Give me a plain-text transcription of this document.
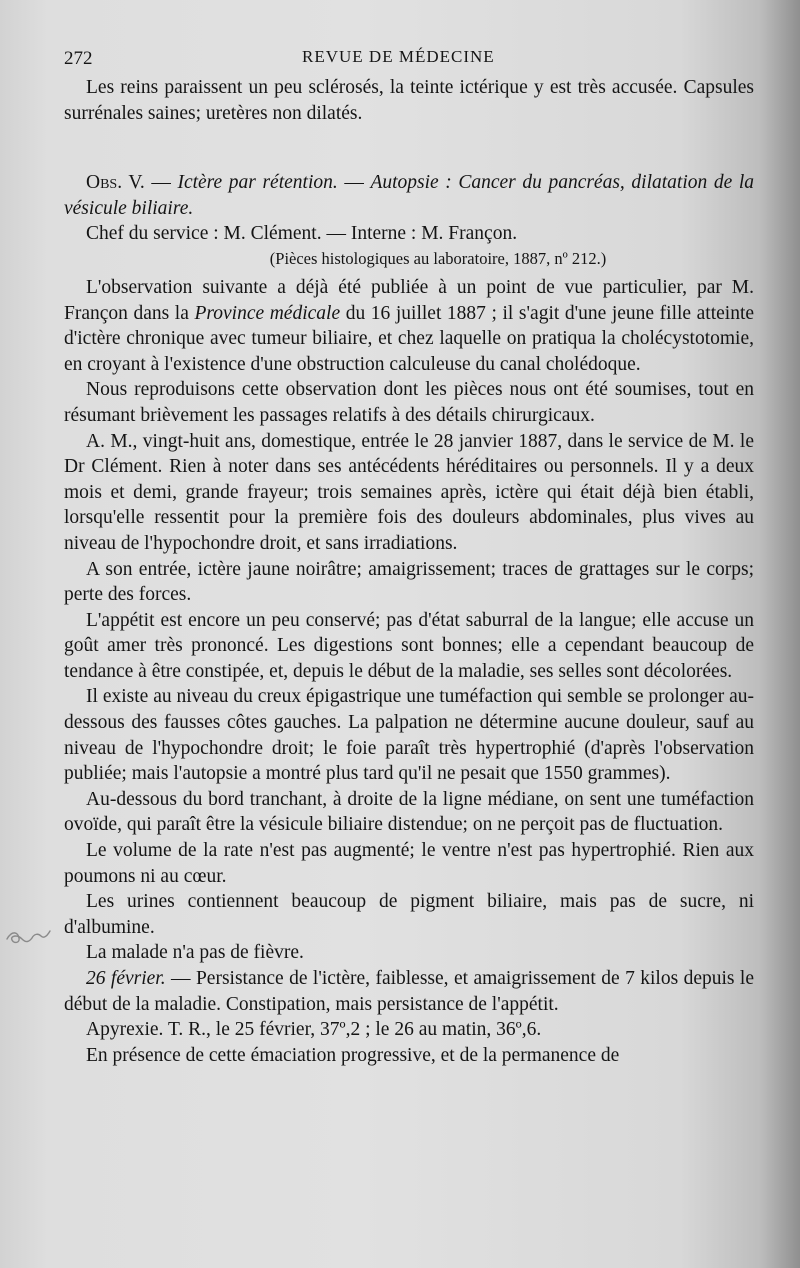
272	REVUE DE MÉDECINE

Les reins paraissent un peu sclérosés, la teinte ictérique y est très accusée. Capsules surrénales saines; uretères non dilatés.

Obs. V. — Ictère par rétention. — Autopsie : Cancer du pancréas, dilatation de la vésicule biliaire.

Chef du service : M. Clément. — Interne : M. Françon.

(Pièces histologiques au laboratoire, 1887, nº 212.)

L'observation suivante a déjà été publiée à un point de vue particulier, par M. Françon dans la Province médicale du 16 juillet 1887 ; il s'agit d'une jeune fille atteinte d'ictère chronique avec tumeur biliaire, et chez laquelle on pratiqua la cholécystotomie, en croyant à l'existence d'une obstruction calculeuse du canal cholédoque.

Nous reproduisons cette observation dont les pièces nous ont été soumises, tout en résumant brièvement les passages relatifs à des détails chirurgicaux.

A. M., vingt-huit ans, domestique, entrée le 28 janvier 1887, dans le service de M. le Dr Clément. Rien à noter dans ses antécédents héréditaires ou personnels. Il y a deux mois et demi, grande frayeur; trois semaines après, ictère qui était déjà bien établi, lorsqu'elle ressentit pour la première fois des douleurs abdominales, plus vives au niveau de l'hypochondre droit, et sans irradiations.

A son entrée, ictère jaune noirâtre; amaigrissement; traces de grattages sur le corps; perte des forces.

L'appétit est encore un peu conservé; pas d'état saburral de la langue; elle accuse un goût amer très prononcé. Les digestions sont bonnes; elle a cependant beaucoup de tendance à être constipée, et, depuis le début de la maladie, ses selles sont décolorées.

Il existe au niveau du creux épigastrique une tuméfaction qui semble se prolonger au-dessous des fausses côtes gauches. La palpation ne détermine aucune douleur, sauf au niveau de l'hypochondre droit; le foie paraît très hypertrophié (d'après l'observation publiée; mais l'autopsie a montré plus tard qu'il ne pesait que 1550 grammes).

Au-dessous du bord tranchant, à droite de la ligne médiane, on sent une tuméfaction ovoïde, qui paraît être la vésicule biliaire distendue; on ne perçoit pas de fluctuation.

Le volume de la rate n'est pas augmenté; le ventre n'est pas hypertrophié. Rien aux poumons ni au cœur.

Les urines contiennent beaucoup de pigment biliaire, mais pas de sucre, ni d'albumine.

La malade n'a pas de fièvre.

26 février. — Persistance de l'ictère, faiblesse, et amaigrissement de 7 kilos depuis le début de la maladie. Constipation, mais persistance de l'appétit.

Apyrexie. T. R., le 25 février, 37º,2 ; le 26 au matin, 36º,6.

En présence de cette émaciation progressive, et de la permanence de
